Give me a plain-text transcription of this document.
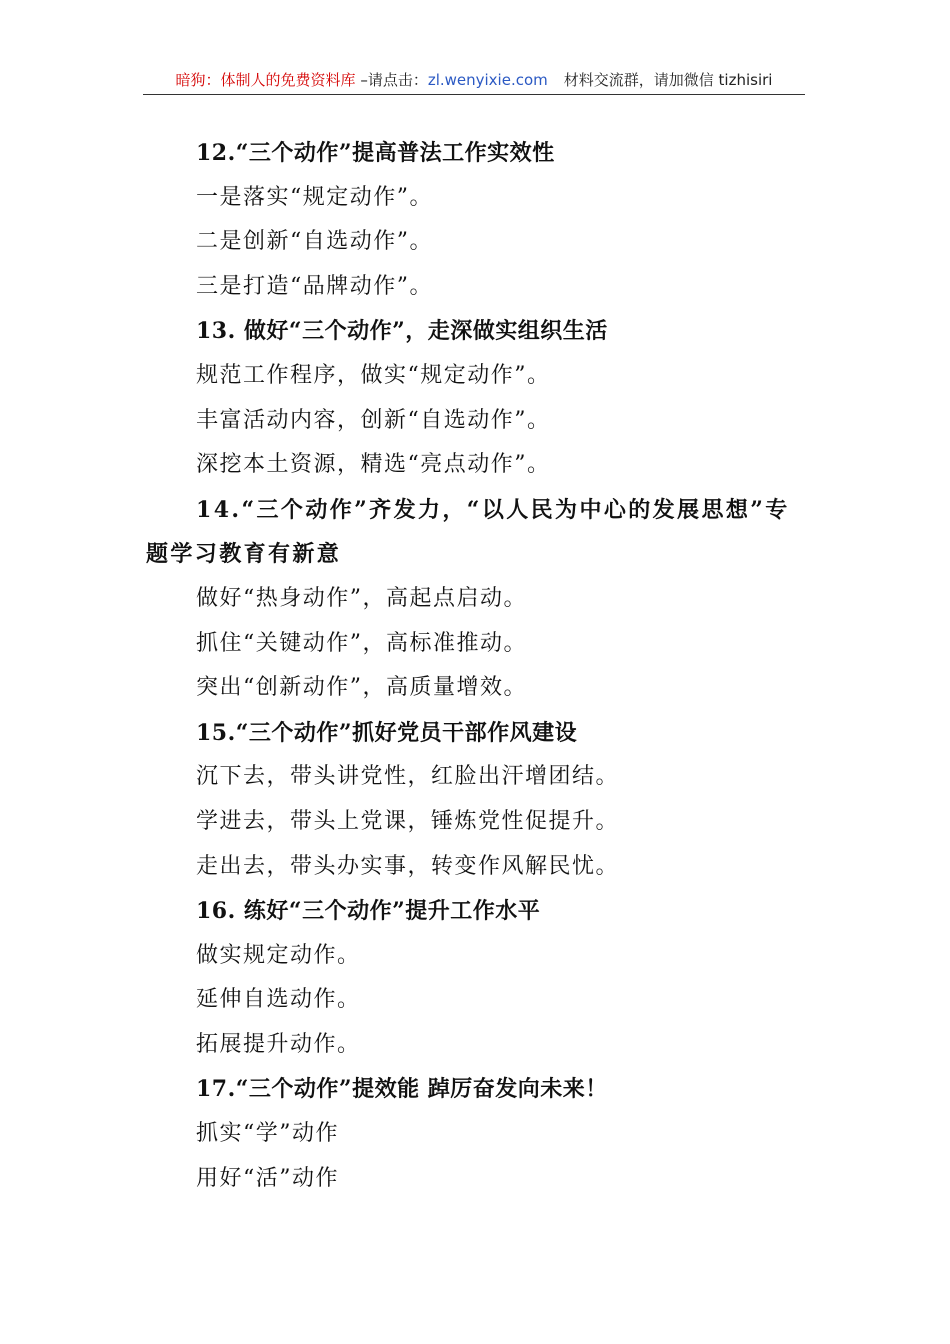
暗狗：体制人的免费资料库 –请点击：zl.wenyixie.com 材料交流群，请加微信 tizhisiri
12.“三个动作”提高普法工作实效性
一是落实“规定动作”。
二是创新“自选动作”。
三是打造“品牌动作”。
13. 做好“三个动作”，走深做实组织生活
规范工作程序，做实“规定动作”。
丰富活动内容，创新“自选动作”。
深挖本土资源，精选“亮点动作”。
14.“三个动作”齐发力，“以人民为中心的发展思想”专题学习教育有新意
做好“热身动作”，高起点启动。
抓住“关键动作”，高标准推动。
突出“创新动作”，高质量增效。
15.“三个动作”抓好党员干部作风建设
沉下去，带头讲党性，红脸出汗增团结。
学进去，带头上党课，锤炼党性促提升。
走出去，带头办实事，转变作风解民忧。
16. 练好“三个动作”提升工作水平
做实规定动作。
延伸自选动作。
拓展提升动作。
17.“三个动作”提效能 踔厉奋发向未来！
抓实“学”动作
用好“活”动作
